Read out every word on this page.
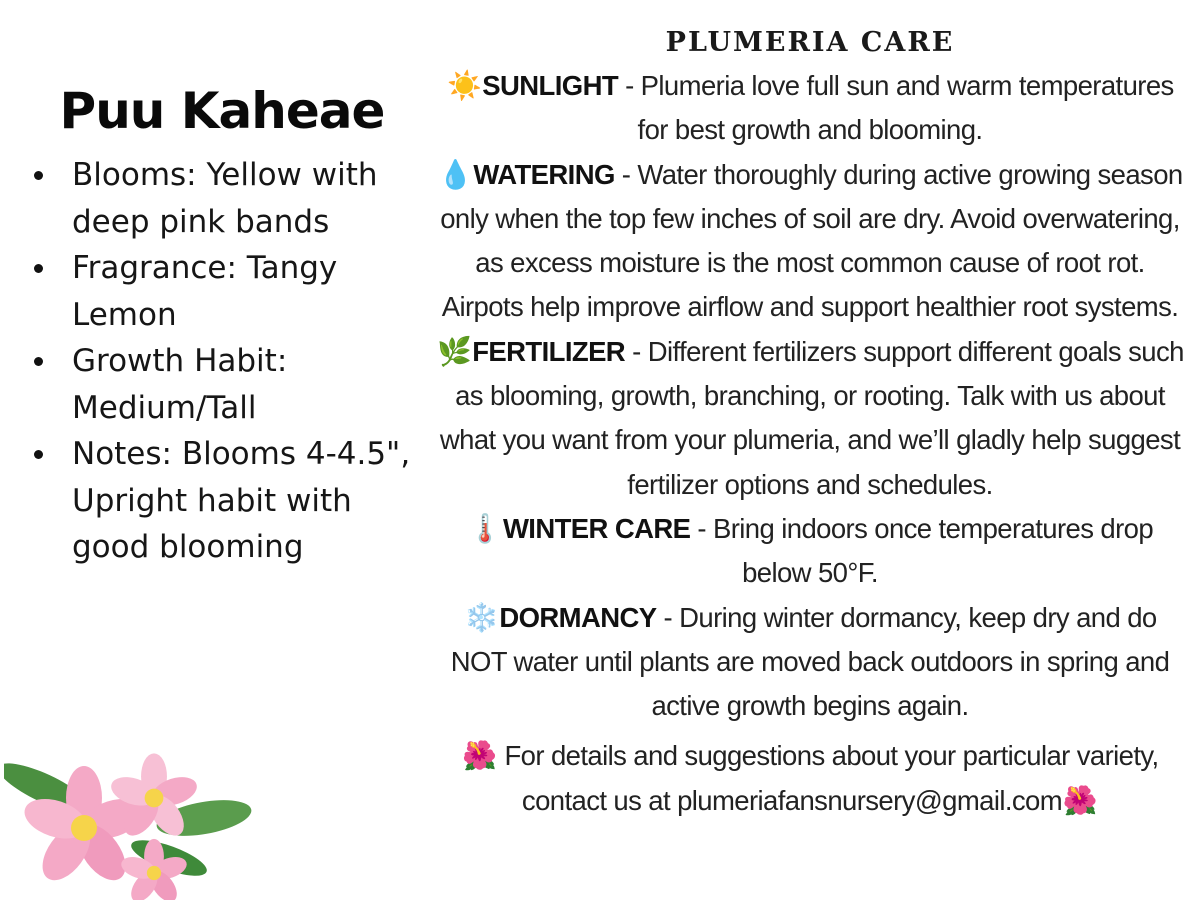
Puu Kaheae
Blooms: Yellow with deep pink bands
Fragrance: Tangy Lemon
Growth Habit: Medium/Tall
Notes: Blooms 4-4.5", Upright habit with good blooming
PLUMERIA CARE
☀️SUNLIGHT - Plumeria love full sun and warm temperatures for best growth and blooming.
💧WATERING - Water thoroughly during active growing season only when the top few inches of soil are dry. Avoid overwatering, as excess moisture is the most common cause of root rot. Airpots help improve airflow and support healthier root systems.
🌿FERTILIZER - Different fertilizers support different goals such as blooming, growth, branching, or rooting. Talk with us about what you want from your plumeria, and we’ll gladly help suggest fertilizer options and schedules.
🌡️WINTER CARE - Bring indoors once temperatures drop below 50°F.
❄️DORMANCY - During winter dormancy, keep dry and do NOT water until plants are moved back outdoors in spring and active growth begins again.
🌺 For details and suggestions about your particular variety, contact us at plumeriafansnursery@gmail.com🌺
